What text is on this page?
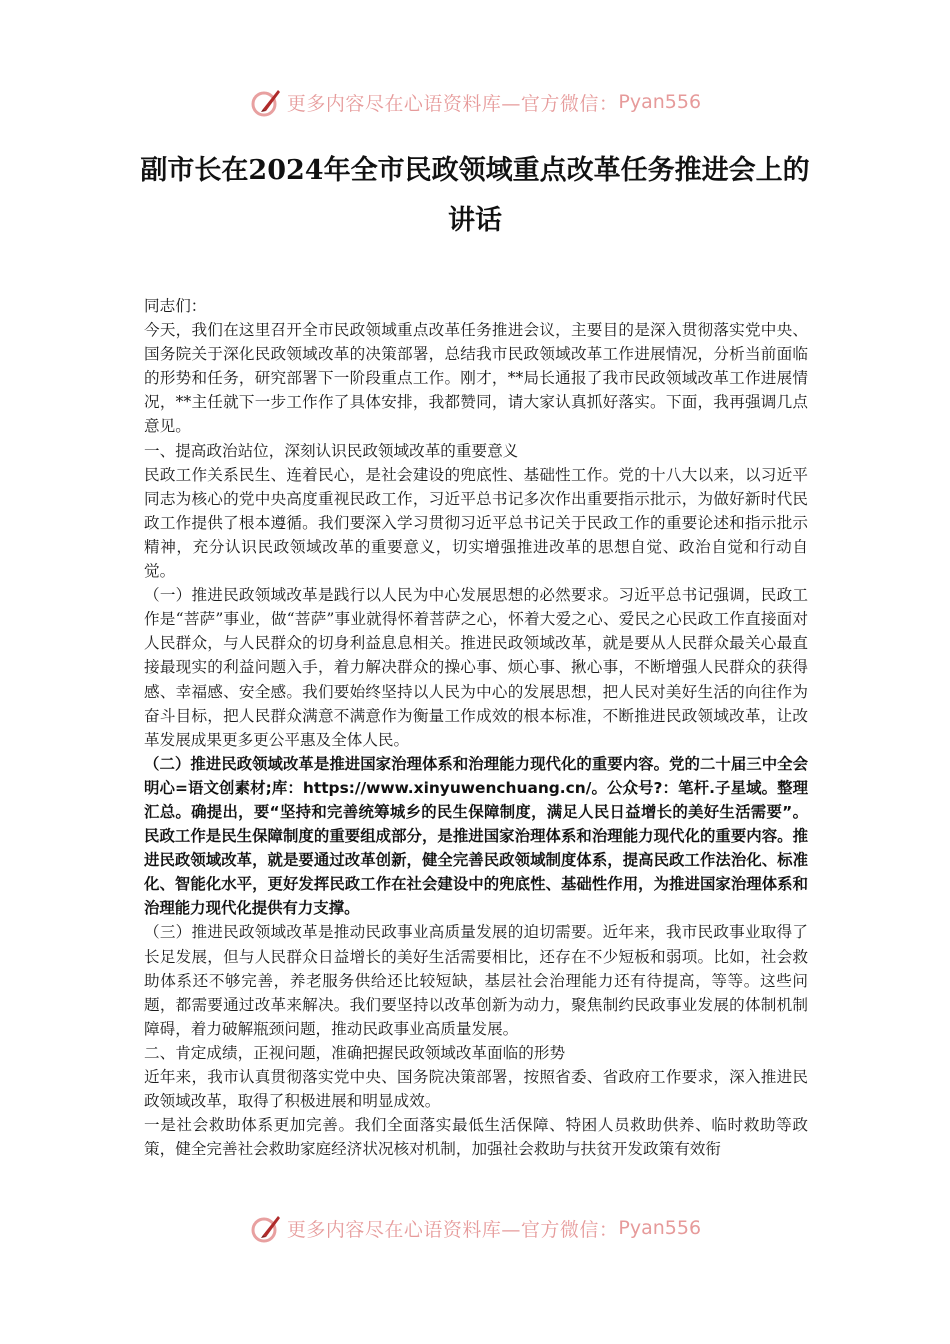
更多内容尽在心语资料库—官方微信： Pyan556
副市长在2024年全市民政领域重点改革任务推进会上的讲话

同志们：

今天，我们在这里召开全市民政领域重点改革任务推进会议，主要目的是深入贯彻落实党中央、国务院关于深化民政领域改革的决策部署，总结我市民政领域改革工作进展情况，分析当前面临的形势和任务，研究部署下一阶段重点工作。刚才，**局长通报了我市民政领域改革工作进展情况，**主任就下一步工作作了具体安排，我都赞同，请大家认真抓好落实。下面，我再强调几点意见。

一、提高政治站位，深刻认识民政领域改革的重要意义

民政工作关系民生、连着民心，是社会建设的兜底性、基础性工作。党的十八大以来，以习近平同志为核心的党中央高度重视民政工作，习近平总书记多次作出重要指示批示，为做好新时代民政工作提供了根本遵循。我们要深入学习贯彻习近平总书记关于民政工作的重要论述和指示批示精神，充分认识民政领域改革的重要意义，切实增强推进改革的思想自觉、政治自觉和行动自觉。

（一）推进民政领域改革是践行以人民为中心发展思想的必然要求。习近平总书记强调，民政工作是“菩萨”事业，做“菩萨”事业就得怀着菩萨之心，怀着大爱之心、爱民之心民政工作直接面对人民群众，与人民群众的切身利益息息相关。推进民政领域改革，就是要从人民群众最关心最直接最现实的利益问题入手，着力解决群众的操心事、烦心事、揪心事，不断增强人民群众的获得感、幸福感、安全感。我们要始终坚持以人民为中心的发展思想，把人民对美好生活的向往作为奋斗目标，把人民群众满意不满意作为衡量工作成效的根本标准，不断推进民政领域改革，让改革发展成果更多更公平惠及全体人民。

（二）推进民政领域改革是推进国家治理体系和治理能力现代化的重要内容。党的二十届三中全会明心=语文创素材;库：https://www.xinyuwenchuang.cn/。公众号?：笔杆.子星域。整理汇总。确提出，要“坚持和完善统筹城乡的民生保障制度，满足人民日益增长的美好生活需要”。民政工作是民生保障制度的重要组成部分，是推进国家治理体系和治理能力现代化的重要内容。推进民政领域改革，就是要通过改革创新，健全完善民政领域制度体系，提高民政工作法治化、标准化、智能化水平，更好发挥民政工作在社会建设中的兜底性、基础性作用，为推进国家治理体系和治理能力现代化提供有力支撑。

（三）推进民政领域改革是推动民政事业高质量发展的迫切需要。近年来，我市民政事业取得了长足发展，但与人民群众日益增长的美好生活需要相比，还存在不少短板和弱项。比如，社会救助体系还不够完善，养老服务供给还比较短缺，基层社会治理能力还有待提高，等等。这些问题，都需要通过改革来解决。我们要坚持以改革创新为动力，聚焦制约民政事业发展的体制机制障碍，着力破解瓶颈问题，推动民政事业高质量发展。

二、肯定成绩，正视问题，准确把握民政领域改革面临的形势

近年来，我市认真贯彻落实党中央、国务院决策部署，按照省委、省政府工作要求，深入推进民政领域改革，取得了积极进展和明显成效。

一是社会救助体系更加完善。我们全面落实最低生活保障、特困人员救助供养、临时救助等政策，健全完善社会救助家庭经济状况核对机制，加强社会救助与扶贫开发政策有效衔

更多内容尽在心语资料库—官方微信： Pyan556
